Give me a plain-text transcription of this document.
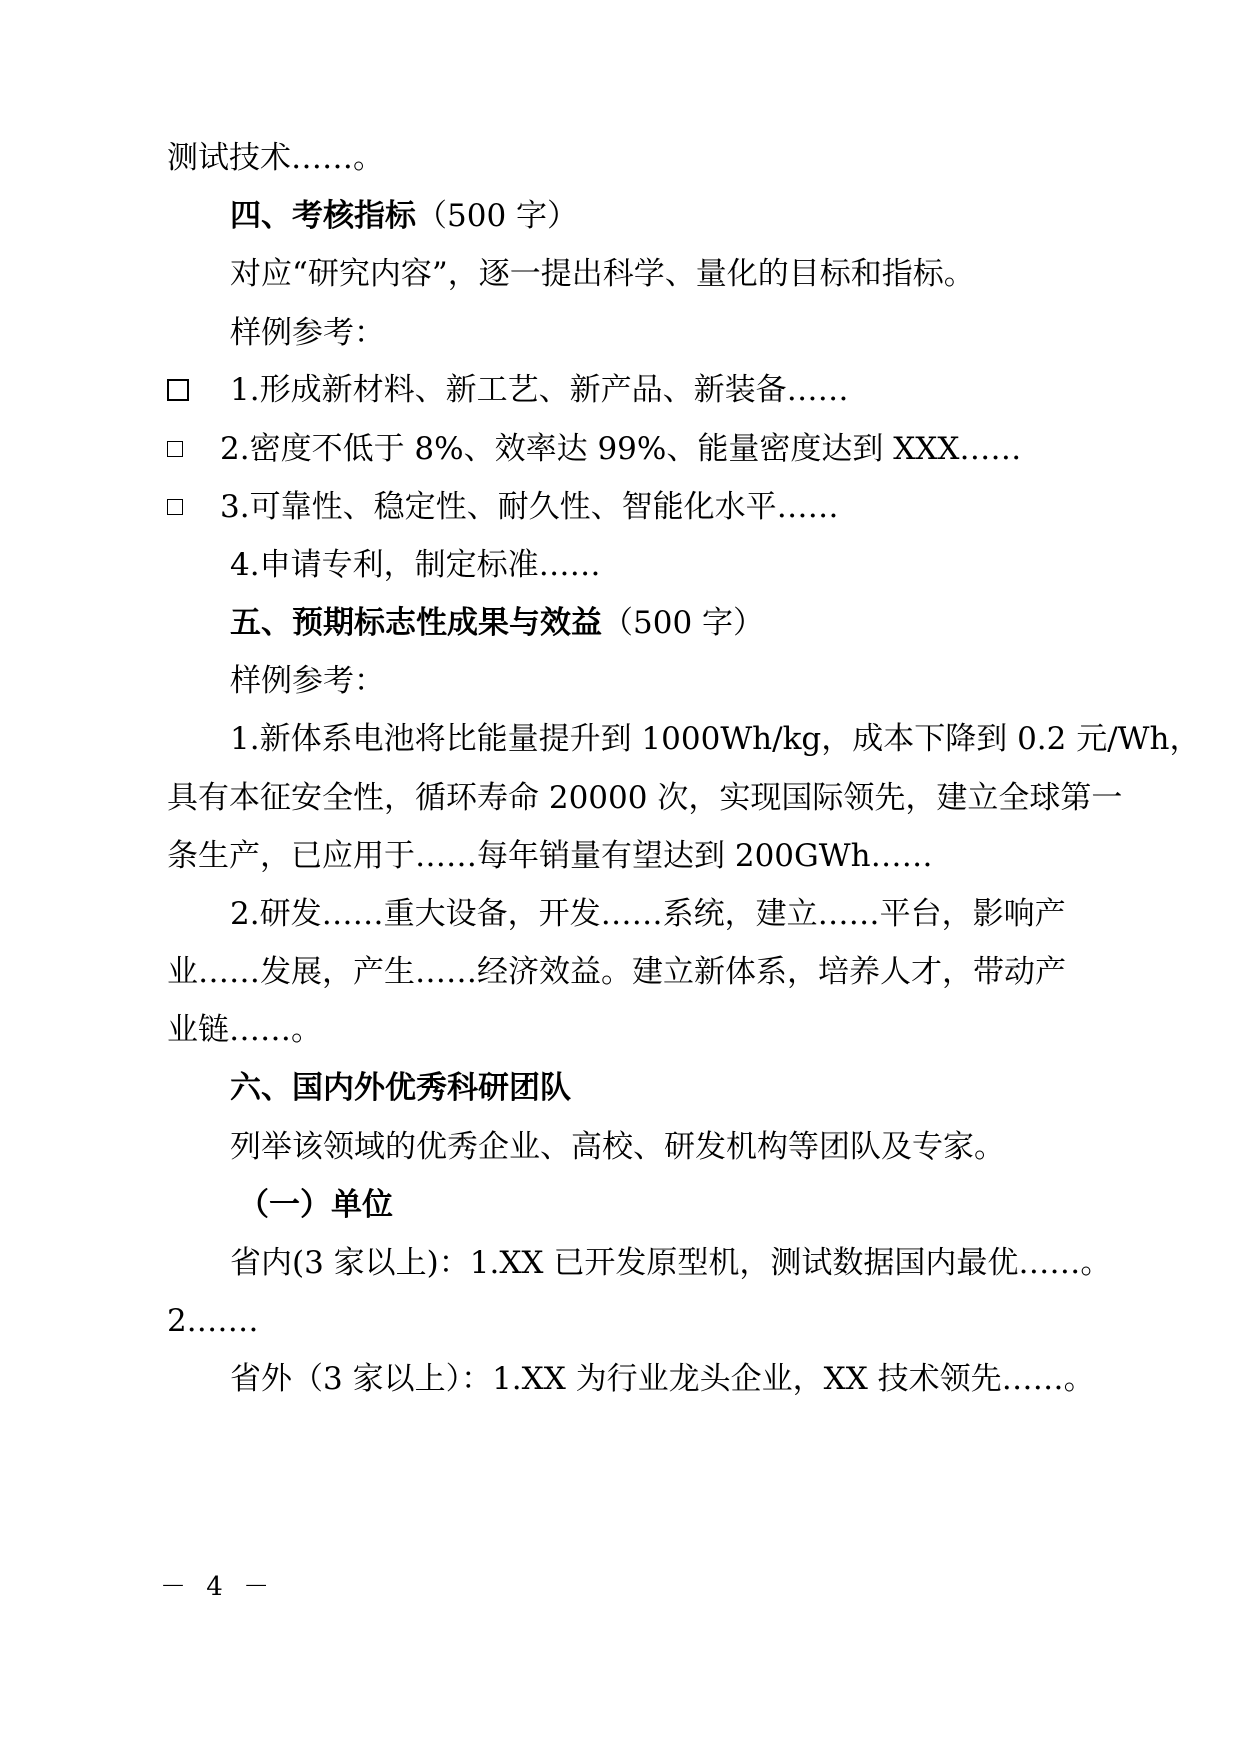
测试技术……。

四、考核指标（500 字）

对应“研究内容”，逐一提出科学、量化的目标和指标。

样例参考：

1.形成新材料、新工艺、新产品、新装备……

2.密度不低于 8%、效率达 99%、能量密度达到 XXX……

3.可靠性、稳定性、耐久性、智能化水平……

4.申请专利，制定标准……

五、预期标志性成果与效益（500 字）

样例参考：

1.新体系电池将比能量提升到 1000Wh/kg，成本下降到 0.2 元/Wh，

具有本征安全性，循环寿命 20000 次，实现国际领先，建立全球第一

条生产，已应用于……每年销量有望达到 200GWh……

2.研发……重大设备，开发……系统，建立……平台，影响产

业……发展，产生……经济效益。建立新体系，培养人才，带动产

业链……。

六、国内外优秀科研团队

列举该领域的优秀企业、高校、研发机构等团队及专家。

（一）单位

省内(3 家以上)：1.XX 已开发原型机，测试数据国内最优……。

2.……

省外（3 家以上）：1.XX 为行业龙头企业，XX 技术领先……。

－ 4 －
